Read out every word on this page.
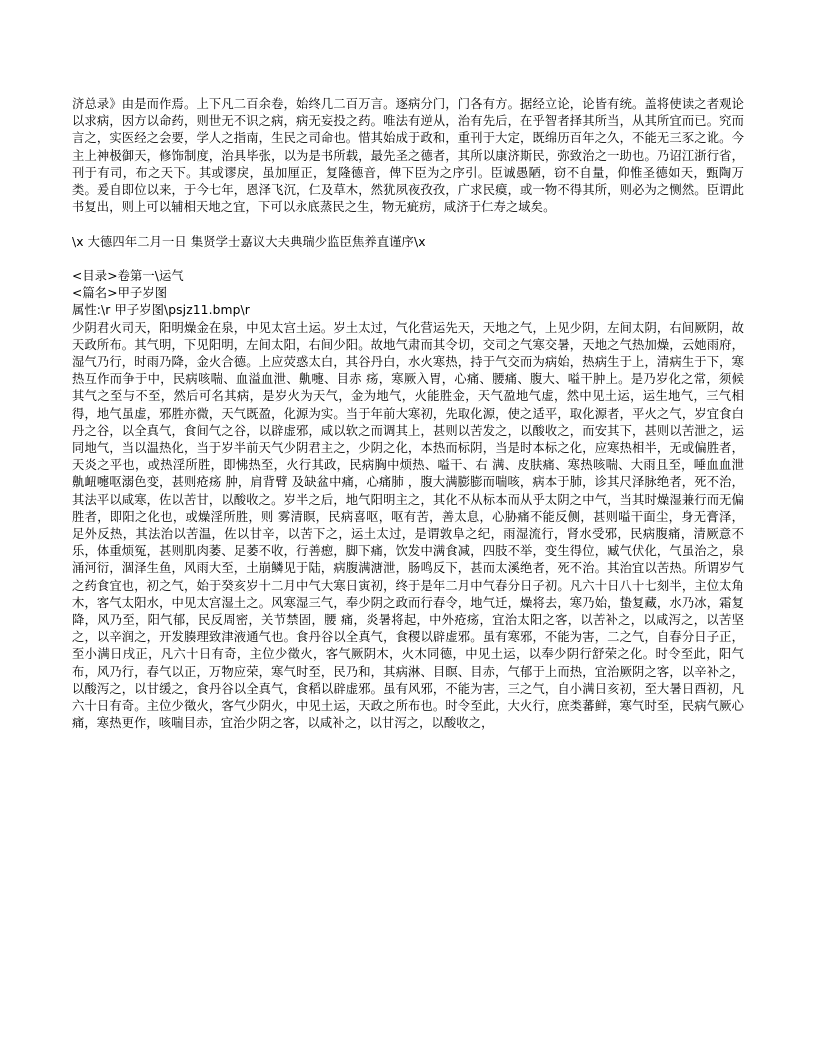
济总录》由是而作焉。上下凡二百余卷，始终几二百万言。逐病分门，门各有方。据经立论，论皆有统。盖将使读之者观论以求病，因方以命药，则世无不识之病，病无妄投之药。唯法有逆从，治有先后，在乎智者择其所当，从其所宜而已。究而言之，实医经之会要，学人之指南，生民之司命也。惜其始成于政和，重刊于大定，既绵历百年之久，不能无三豕之讹。今主上神极御天，修饰制度，治具毕张，以为是书所载，最先圣之德者，其所以康济斯民，弥致治之一助也。乃诏江浙行省，刊于有司，布之天下。其或谬戾，虽加厘正，复隆德音，俾下臣为之序引。臣诚愚陋，窃不自量，仰惟圣德如天，甄陶万类。爰自即位以来，于今七年，恩泽飞沉，仁及草木，然犹夙夜孜孜，广求民瘼，或一物不得其所，则必为之恻然。臣谓此书复出，则上可以辅相天地之宜，下可以永底蒸民之生，物无疵疠，咸济于仁寿之域矣。

\x 大德四年二月一日 集贤学士嘉议大夫典瑞少监臣焦养直谨序\x

<目录>卷第一\运气

<篇名>甲子岁图

属性:\r 甲子岁图\psjz11.bmp\r

少阴君火司天，阳明燥金在泉，中见太宫土运。岁土太过，气化营运先天，天地之气，上见少阴，左间太阴，右间厥阴，故天政所布。其气明，下见阳明，左间太阳，右间少阳。故地气肃而其令切，交司之气寒交暑，天地之气热加燥，云她雨府，湿气乃行，时雨乃降，金火合德。上应荧惑太白，其谷丹白，水火寒热，持于气交而为病始，热病生于上，清病生于下，寒热互作而争于中，民病咳喘、血溢血泄、鼽嚏、目赤 疡，寒厥入胃，心痛、腰痛、腹大、嗌干肿上。是乃岁化之常，须候其气之至与不至，然后可名其病，是岁火为天气，金为地气，火能胜金，天气盈地气虚，然中见土运，运生地气，三气相得，地气虽虚，邪胜亦微，天气既盈，化源为实。当于年前大寒初，先取化源，使之适平，取化源者，平火之气，岁宜食白丹之谷，以全真气，食间气之谷，以辟虚邪，咸以软之而调其上，甚则以苦发之，以酸收之，而安其下，甚则以苦泄之，运同地气，当以温热化，当于岁半前天气少阴君主之，少阴之化，本热而标阴，当是时本标之化，应寒热相半，无或偏胜者，天炎之平也，或热淫所胜，即怫热至，火行其政，民病胸中烦热、嗌干、右 满、皮肤痛、寒热咳喘、大雨且至，唾血血泄鼽衄嚏呕溺色变，甚则疮疡 肿，肩背臂 及缺盆中痛，心痛肺 ，腹大满膨膨而喘咳，病本于肺，诊其尺泽脉绝者，死不治，其法平以咸寒，佐以苦甘，以酸收之。岁半之后，地气阳明主之，其化不从标本而从乎太阴之中气，当其时燥湿兼行而无偏胜者，即阳之化也，或燥淫所胜，则 雾清瞑，民病喜呕，呕有苦，善太息，心胁痛不能反侧，甚则嗌干面尘，身无膏泽，足外反热，其法治以苦温，佐以甘辛，以苦下之，运土太过，是谓敦阜之纪，雨湿流行，肾水受邪，民病腹痛，清厥意不乐，体重烦冤，甚则肌肉萎、足萎不收，行善瘛，脚下痛，饮发中满食减，四肢不举，变生得位，臧气伏化，气虽治之，泉涌河衍，涸泽生鱼，风雨大至，土崩鳞见于陆，病腹满溏泄，肠鸣反下，甚而太溪绝者，死不治。其治宜以苦热。所谓岁气之药食宜也，初之气，始于癸亥岁十二月中气大寒日寅初，终于是年二月中气春分日子初。凡六十日八十七刻半，主位太角木，客气太阳水，中见太宫湿土之。风寒湿三气，奉少阴之政而行春令，地气迁，燥将去，寒乃始，蛰复藏，水乃冰，霜复降，风乃至，阳气郁，民反周密，关节禁固，腰 痛，炎暑将起，中外疮疡，宜治太阳之客，以苦补之，以咸泻之，以苦坚之，以辛润之，开发腠理致津液通气也。食丹谷以全真气，食稷以辟虚邪。虽有寒邪，不能为害，二之气，自春分日子正，至小满日戌正，凡六十日有奇，主位少徵火，客气厥阴木，火木同德，中见土运，以奉少阴行舒荣之化。时令至此，阳气布，风乃行，春气以正，万物应荣，寒气时至，民乃和，其病淋、目瞑、目赤，气郁于上而热，宜治厥阴之客，以辛补之，以酸泻之，以甘缓之，食丹谷以全真气，食稻以辟虚邪。虽有风邪，不能为害，三之气，自小满日亥初，至大暑日酉初，凡六十日有奇。主位少徵火，客气少阴火，中见土运，天政之所布也。时令至此，大火行，庶类蕃鲜，寒气时至，民病气厥心痛，寒热更作，咳喘目赤，宜治少阴之客，以咸补之，以甘泻之，以酸收之，
